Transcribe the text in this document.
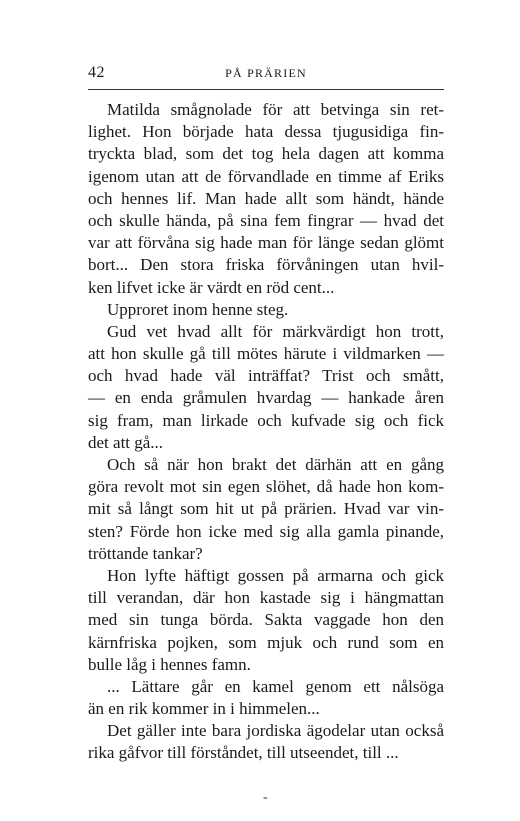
42	PÅ PRÄRIEN
Matilda smågnolade för att betvinga sin ret-
lighet. Hon började hata dessa tjugusidiga fin-
tryckta blad, som det tog hela dagen att komma
igenom utan att de förvandlade en timme af Eriks
och hennes lif. Man hade allt som händt, hände
och skulle hända, på sina fem fingrar — hvad det
var att förvåna sig hade man för länge sedan glömt
bort... Den stora friska förvåningen utan hvil-
ken lifvet icke är värdt en röd cent...
Upproret inom henne steg.
Gud vet hvad allt för märkvärdigt hon trott,
att hon skulle gå till mötes härute i vildmarken —
och hvad hade väl inträffat? Trist och smått,
— en enda gråmulen hvardag — hankade åren
sig fram, man lirkade och kufvade sig och fick
det att gå...
Och så när hon brakt det därhän att en gång
göra revolt mot sin egen slöhet, då hade hon kom-
mit så långt som hit ut på prärien. Hvad var vin-
sten? Förde hon icke med sig alla gamla pinande,
tröttande tankar?
Hon lyfte häftigt gossen på armarna och gick
till verandan, där hon kastade sig i hängmattan
med sin tunga börda. Sakta vaggade hon den
kärnfriska pojken, som mjuk och rund som en
bulle låg i hennes famn.
... Lättare går en kamel genom ett nålsöga
än en rik kommer in i himmelen...
Det gäller inte bara jordiska ägodelar utan också
rika gåfvor till förståndet, till utseendet, till ...
-
